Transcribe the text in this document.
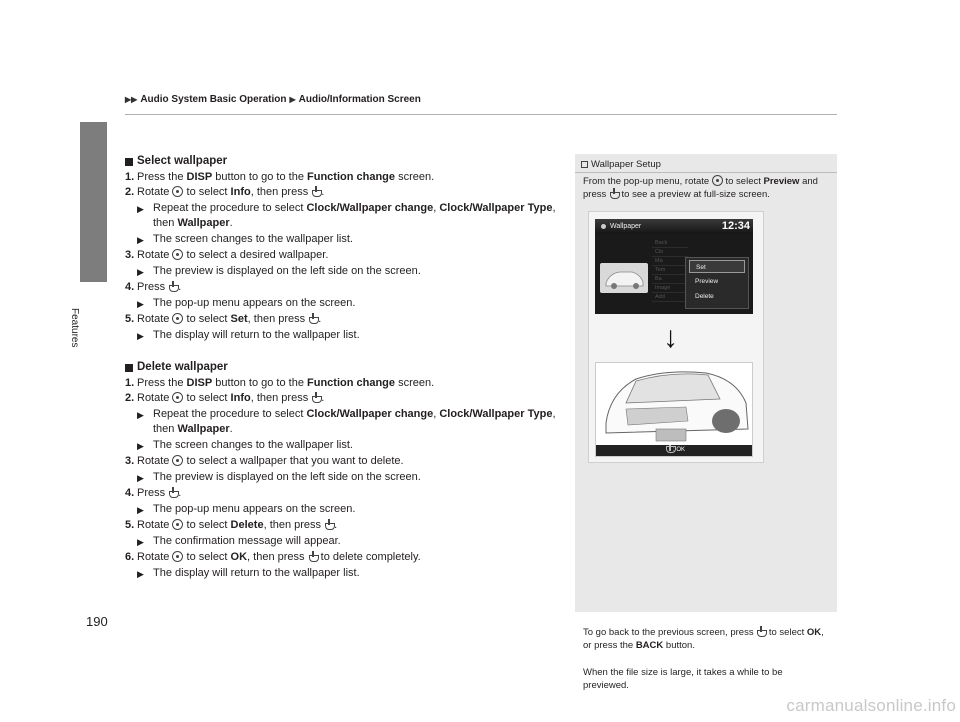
▶▶ Audio System Basic Operation ▶ Audio/Information Screen
Features
Select wallpaper
1. Press the DISP button to go to the Function change screen.
2. Rotate  to select Info, then press .
▶ Repeat the procedure to select Clock/Wallpaper change, Clock/Wallpaper Type, then Wallpaper.
▶ The screen changes to the wallpaper list.
3. Rotate  to select a desired wallpaper.
▶ The preview is displayed on the left side on the screen.
4. Press .
▶ The pop-up menu appears on the screen.
5. Rotate  to select Set, then press .
▶ The display will return to the wallpaper list.
Delete wallpaper
1. Press the DISP button to go to the Function change screen.
2. Rotate  to select Info, then press .
▶ Repeat the procedure to select Clock/Wallpaper change, Clock/Wallpaper Type, then Wallpaper.
▶ The screen changes to the wallpaper list.
3. Rotate  to select a wallpaper that you want to delete.
▶ The preview is displayed on the left side on the screen.
4. Press .
▶ The pop-up menu appears on the screen.
5. Rotate  to select Delete, then press .
▶ The confirmation message will appear.
6. Rotate  to select OK, then press  to delete completely.
▶ The display will return to the wallpaper list.
Wallpaper Setup
From the pop-up menu, rotate  to select Preview and press  to see a preview at full-size screen.
To go back to the previous screen, press  to select OK, or press the BACK button.
When the file size is large, it takes a while to be previewed.
Wallpaper	12:34
Back
Clo
Ma
Tem
Ba
Image
Add
Set
Preview
Delete
↓
: OK
190
carmanualsonline.info
